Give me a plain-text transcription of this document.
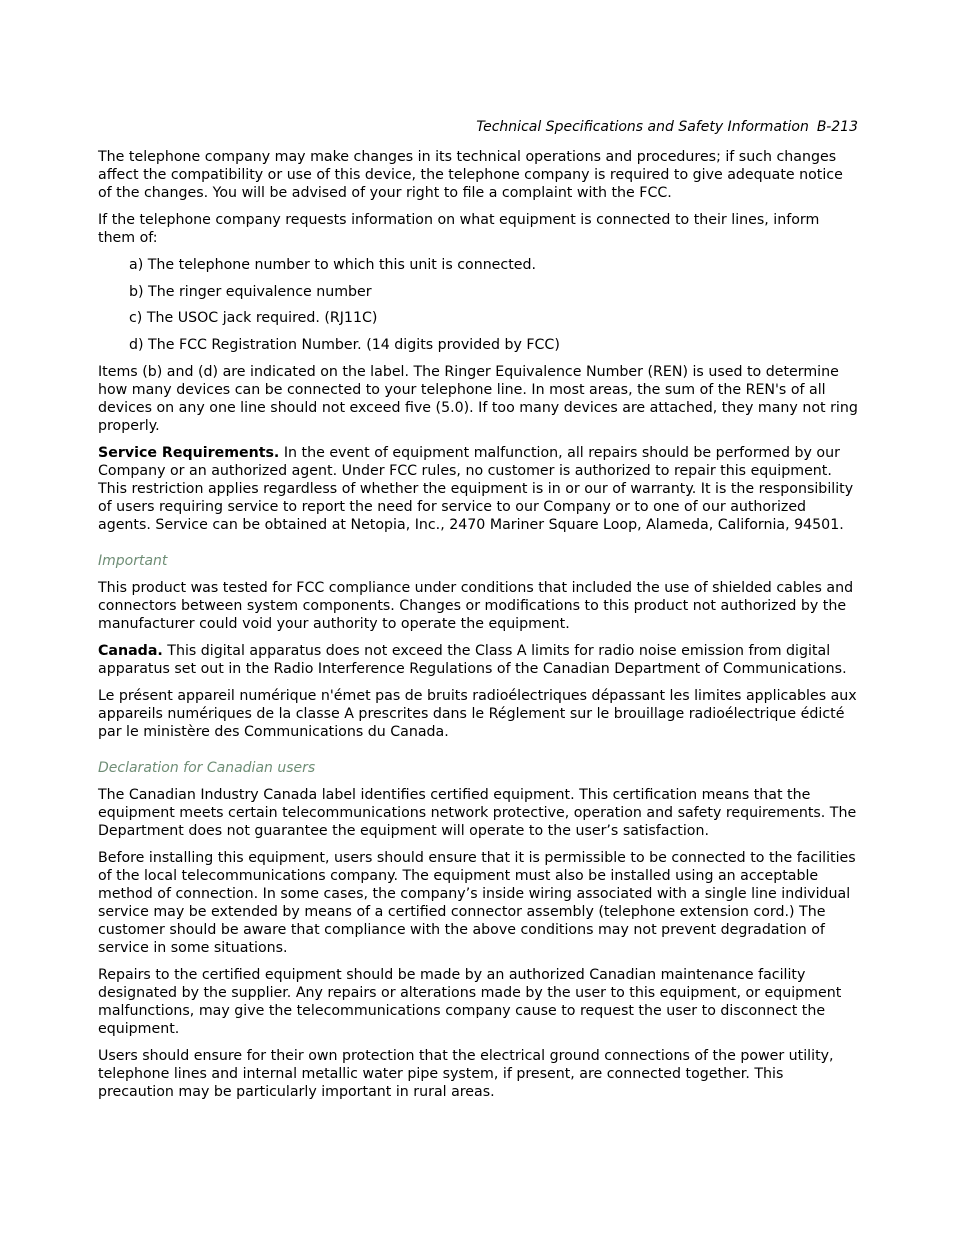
Technical Specifications and Safety Information B-213

The telephone company may make changes in its technical operations and procedures; if such changes affect the compatibility or use of this device, the telephone company is required to give adequate notice of the changes. You will be advised of your right to file a complaint with the FCC.

If the telephone company requests information on what equipment is connected to their lines, inform them of:

a) The telephone number to which this unit is connected.
b) The ringer equivalence number
c) The USOC jack required. (RJ11C)
d) The FCC Registration Number. (14 digits provided by FCC)

Items (b) and (d) are indicated on the label. The Ringer Equivalence Number (REN) is used to determine how many devices can be connected to your telephone line. In most areas, the sum of the REN's of all devices on any one line should not exceed five (5.0). If too many devices are attached, they many not ring properly.

Service Requirements. In the event of equipment malfunction, all repairs should be performed by our Company or an authorized agent. Under FCC rules, no customer is authorized to repair this equipment. This restriction applies regardless of whether the equipment is in or our of warranty. It is the responsibility of users requiring service to report the need for service to our Company or to one of our authorized agents. Service can be obtained at Netopia, Inc., 2470 Mariner Square Loop, Alameda, California, 94501.

Important

This product was tested for FCC compliance under conditions that included the use of shielded cables and connectors between system components. Changes or modifications to this product not authorized by the manufacturer could void your authority to operate the equipment.

Canada. This digital apparatus does not exceed the Class A limits for radio noise emission from digital apparatus set out in the Radio Interference Regulations of the Canadian Department of Communications.

Le présent appareil numérique n'émet pas de bruits radioélectriques dépassant les limites applicables aux appareils numériques de la classe A prescrites dans le Réglement sur le brouillage radioélectrique édicté par le ministère des Communications du Canada.

Declaration for Canadian users

The Canadian Industry Canada label identifies certified equipment. This certification means that the equipment meets certain telecommunications network protective, operation and safety requirements. The Department does not guarantee the equipment will operate to the user’s satisfaction.

Before installing this equipment, users should ensure that it is permissible to be connected to the facilities of the local telecommunications company. The equipment must also be installed using an acceptable method of connection. In some cases, the company’s inside wiring associated with a single line individual service may be extended by means of a certified connector assembly (telephone extension cord.) The customer should be aware that compliance with the above conditions may not prevent degradation of service in some situations.

Repairs to the certified equipment should be made by an authorized Canadian maintenance facility designated by the supplier. Any repairs or alterations made by the user to this equipment, or equipment malfunctions, may give the telecommunications company cause to request the user to disconnect the equipment.

Users should ensure for their own protection that the electrical ground connections of the power utility, telephone lines and internal metallic water pipe system, if present, are connected together. This precaution may be particularly important in rural areas.
